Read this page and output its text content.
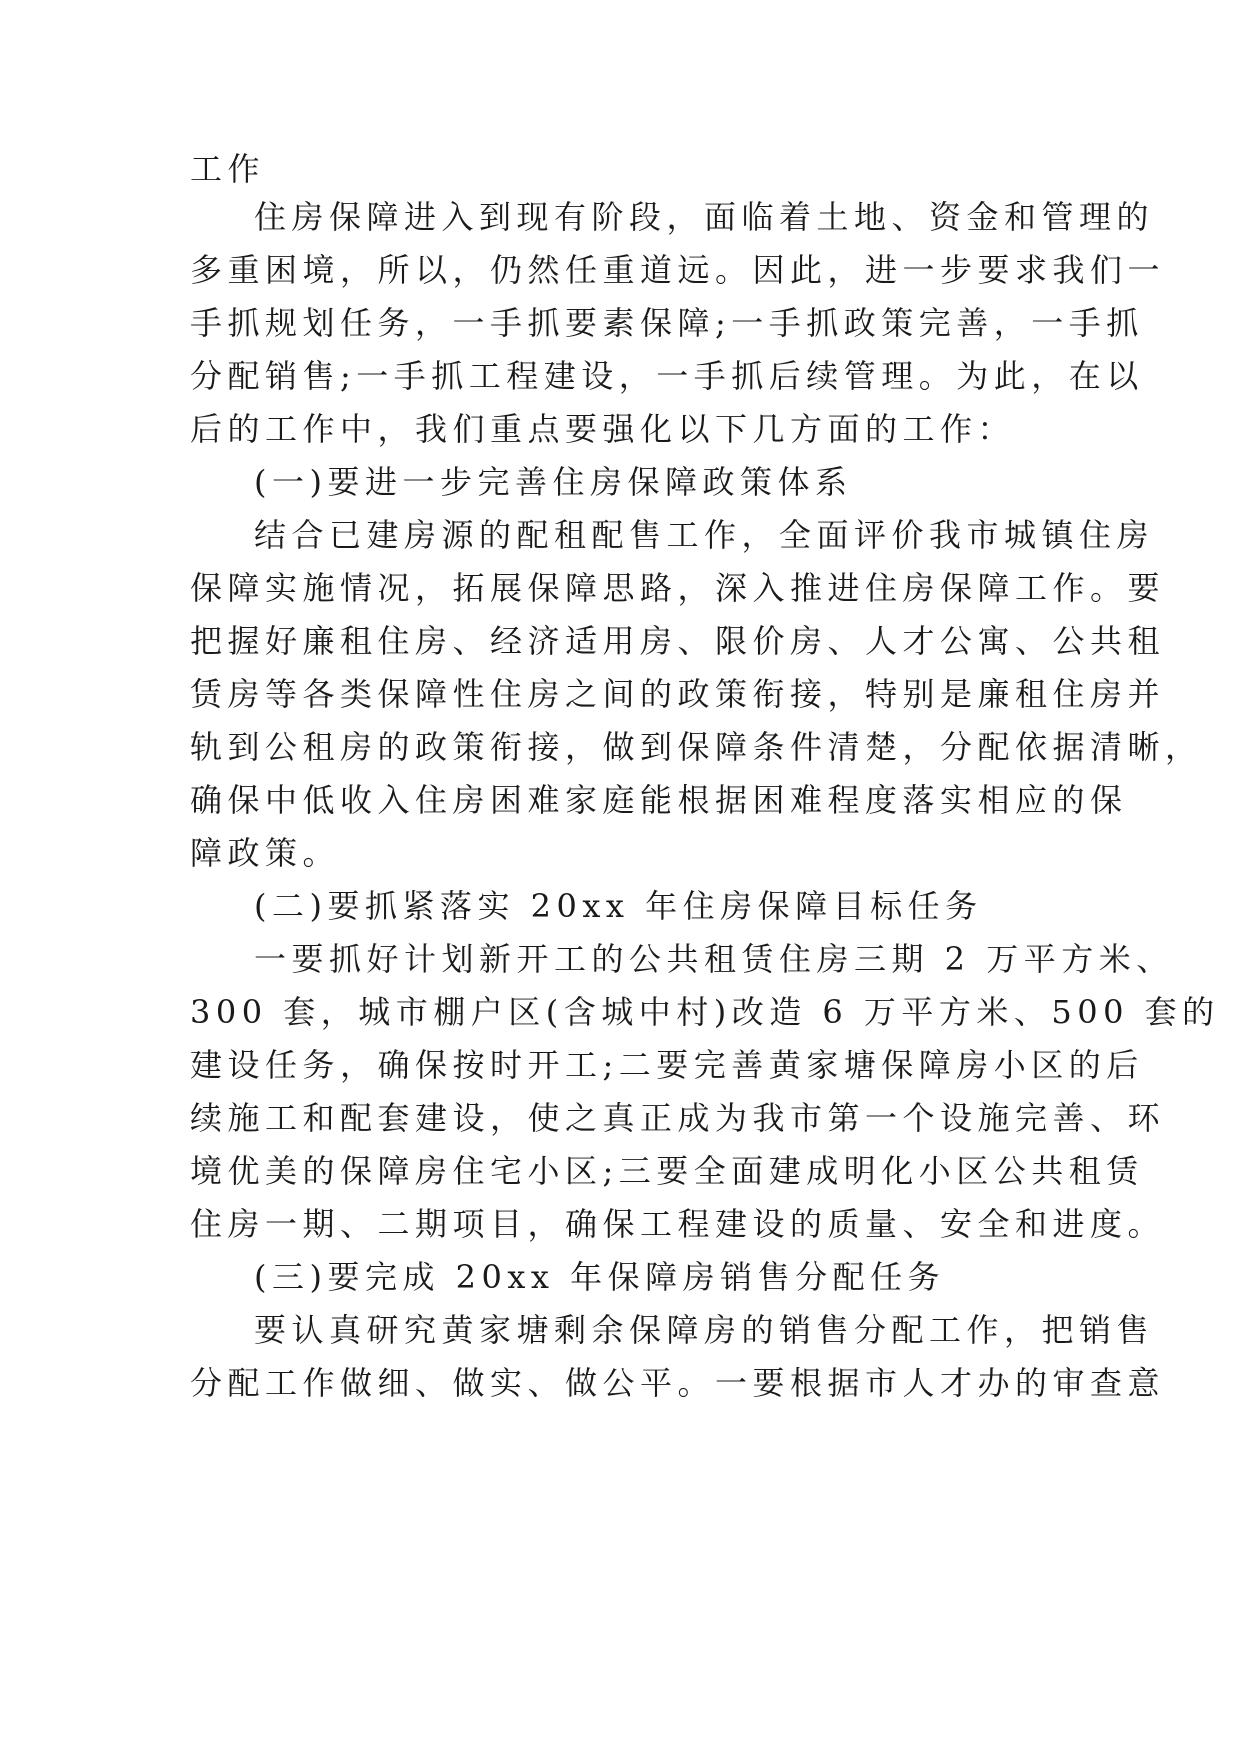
工作
住房保障进入到现有阶段，面临着土地、资金和管理的
多重困境，所以，仍然任重道远。因此，进一步要求我们一
手抓规划任务，一手抓要素保障;一手抓政策完善，一手抓
分配销售;一手抓工程建设，一手抓后续管理。为此，在以
后的工作中，我们重点要强化以下几方面的工作：
(一)要进一步完善住房保障政策体系
结合已建房源的配租配售工作，全面评价我市城镇住房
保障实施情况，拓展保障思路，深入推进住房保障工作。要
把握好廉租住房、经济适用房、限价房、人才公寓、公共租
赁房等各类保障性住房之间的政策衔接，特别是廉租住房并
轨到公租房的政策衔接，做到保障条件清楚，分配依据清晰，
确保中低收入住房困难家庭能根据困难程度落实相应的保
障政策。
(二)要抓紧落实 20xx 年住房保障目标任务
一要抓好计划新开工的公共租赁住房三期 2 万平方米、
300 套，城市棚户区(含城中村)改造 6 万平方米、500 套的
建设任务，确保按时开工;二要完善黄家塘保障房小区的后
续施工和配套建设，使之真正成为我市第一个设施完善、环
境优美的保障房住宅小区;三要全面建成明化小区公共租赁
住房一期、二期项目，确保工程建设的质量、安全和进度。
(三)要完成 20xx 年保障房销售分配任务
要认真研究黄家塘剩余保障房的销售分配工作，把销售
分配工作做细、做实、做公平。一要根据市人才办的审查意
